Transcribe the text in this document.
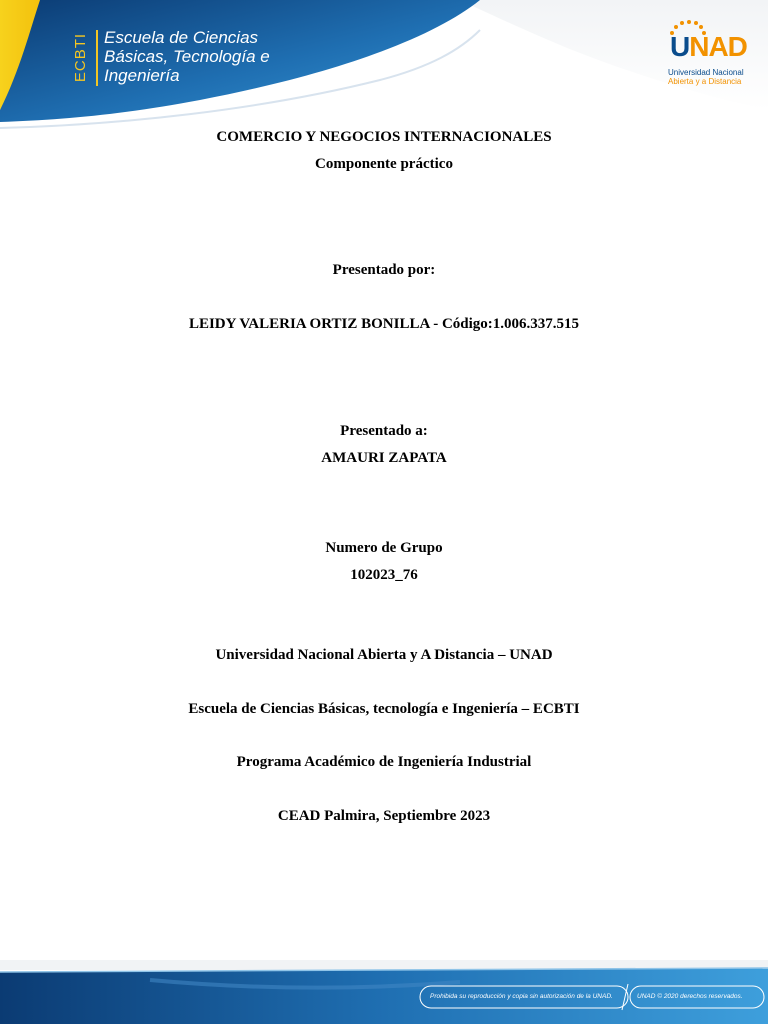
ECBTI Escuela de Ciencias
Básicas, Tecnología e
Ingeniería
UNAD
Universidad Nacional
Abierta y a Distancia
COMERCIO Y NEGOCIOS INTERNACIONALES
Componente práctico
Presentado por:
LEIDY VALERIA ORTIZ BONILLA - Código:1.006.337.515
Presentado a:
AMAURI ZAPATA
Numero de Grupo
102023_76
Universidad Nacional Abierta y A Distancia – UNAD
Escuela de Ciencias Básicas, tecnología e Ingeniería – ECBTI
Programa Académico de Ingeniería Industrial
CEAD Palmira, Septiembre 2023
Prohibida su reproducción y copia sin autorización de la UNAD.	UNAD © 2020 derechos reservados.
